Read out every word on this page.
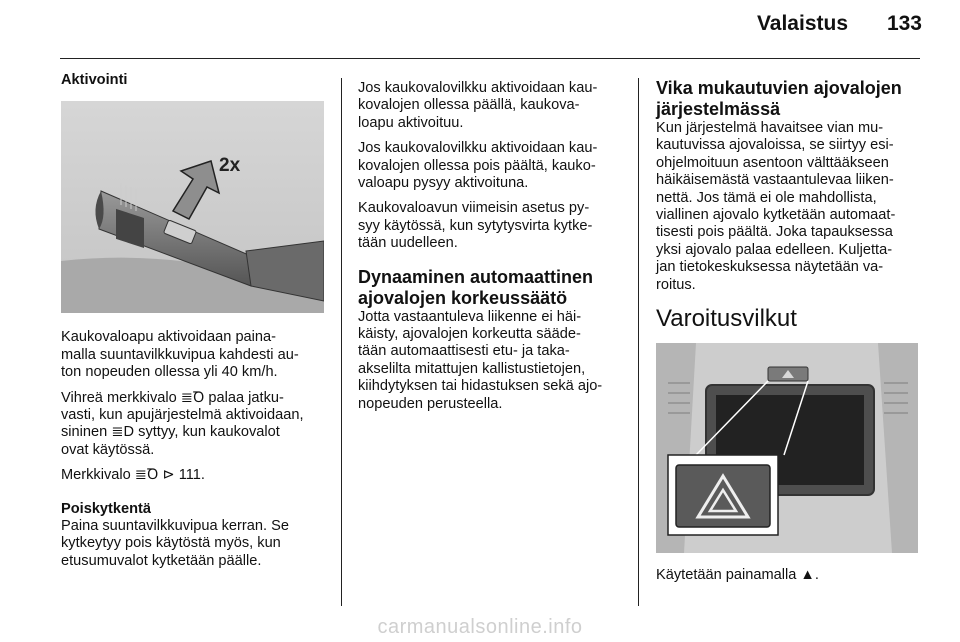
Valaistus 133
Aktivointi
2x

Kaukovaloapu aktivoidaan paina-
malla suuntavilkkuvipua kahdesti au-
ton nopeuden ollessa yli 40 km/h.

Vihreä merkkivalo ≣Ꝺ palaa jatku-
vasti, kun apujärjestelmä aktivoidaan,
sininen ≣D syttyy, kun kaukovalot
ovat käytössä.

Merkkivalo ≣Ꝺ ⊳ 111.

Poiskytkentä

Paina suuntavilkkuvipua kerran. Se
kytkeytyy pois käytöstä myös, kun
etusumuvalot kytketään päälle.

Jos kaukovalovilkku aktivoidaan kau-
kovalojen ollessa päällä, kaukova-
loapu aktivoituu.

Jos kaukovalovilkku aktivoidaan kau-
kovalojen ollessa pois päältä, kauko-
valoapu pysyy aktivoituna.

Kaukovaloavun viimeisin asetus py-
syy käytössä, kun sytytysvirta kytke-
tään uudelleen.

Dynaaminen automaattinen
ajovalojen korkeussäätö

Jotta vastaantuleva liikenne ei häi-
käisty, ajovalojen korkeutta sääde-
tään automaattisesti etu- ja taka-
akselilta mitattujen kallistustietojen,
kiihdytyksen tai hidastuksen sekä ajo-
nopeuden perusteella.

Vika mukautuvien ajovalojen
järjestelmässä

Kun järjestelmä havaitsee vian mu-
kautuvissa ajovaloissa, se siirtyy esi-
ohjelmoituun asentoon välttääkseen
häikäisemästä vastaantulevaa liiken-
nettä. Jos tämä ei ole mahdollista,
viallinen ajovalo kytketään automaat-
tisesti pois päältä. Joka tapauksessa
yksi ajovalo palaa edelleen. Kuljetta-
jan tietokeskuksessa näytetään va-
roitus.

Varoitusvilkut

Käytetään painamalla ▲.

carmanualsonline.info
